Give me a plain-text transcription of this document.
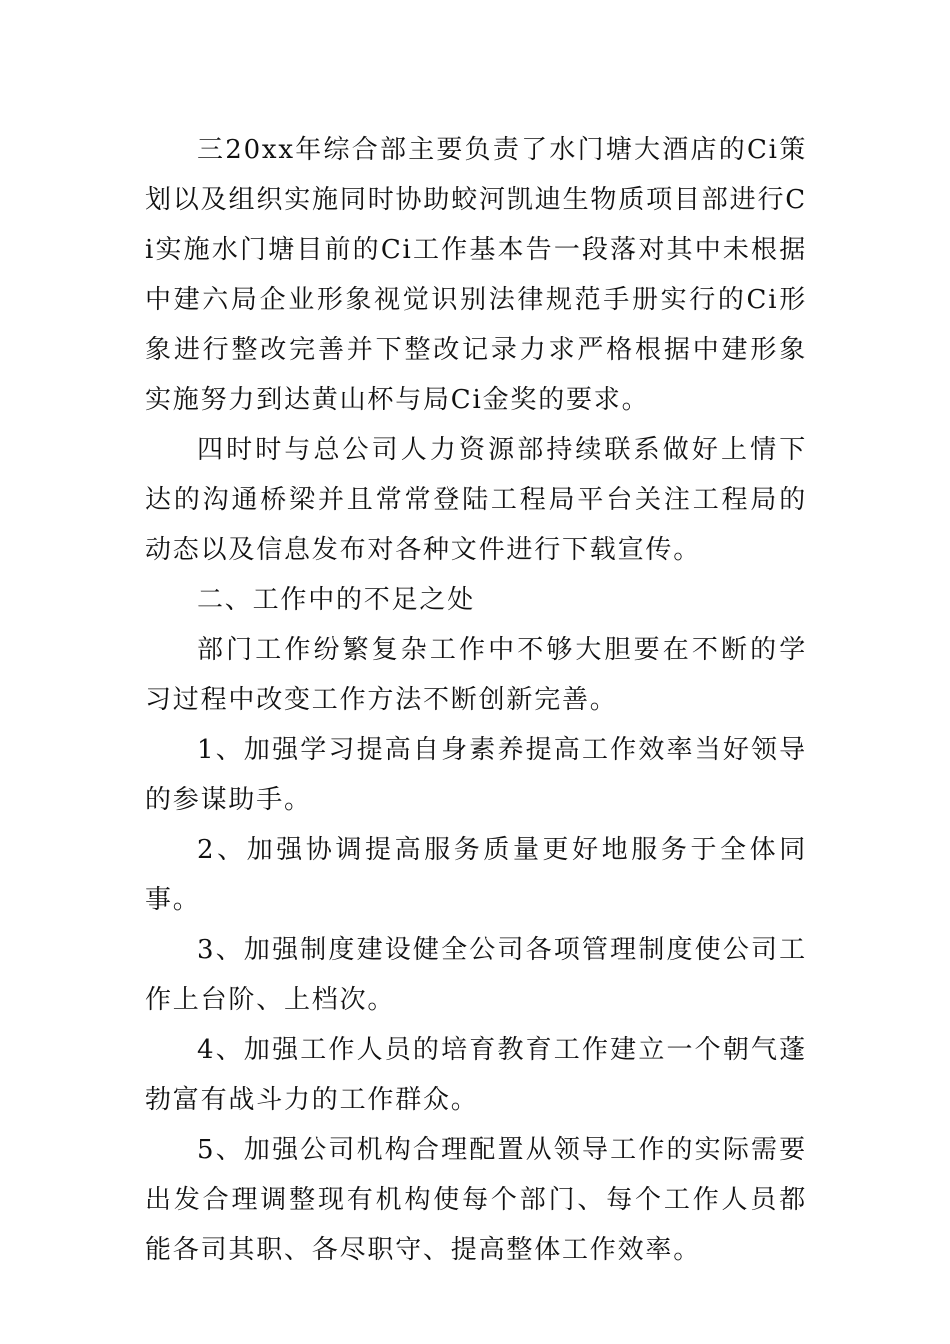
三20xx年综合部主要负责了水门塘大酒店的Ci策划以及组织实施同时协助蛟河凯迪生物质项目部进行Ci实施水门塘目前的Ci工作基本告一段落对其中未根据中建六局企业形象视觉识别法律规范手册实行的Ci形象进行整改完善并下整改记录力求严格根据中建形象实施努力到达黄山杯与局Ci金奖的要求。

四时时与总公司人力资源部持续联系做好上情下达的沟通桥梁并且常常登陆工程局平台关注工程局的动态以及信息发布对各种文件进行下载宣传。

二、工作中的不足之处

部门工作纷繁复杂工作中不够大胆要在不断的学习过程中改变工作方法不断创新完善。

1、加强学习提高自身素养提高工作效率当好领导的参谋助手。

2、加强协调提高服务质量更好地服务于全体同事。

3、加强制度建设健全公司各项管理制度使公司工作上台阶、上档次。

4、加强工作人员的培育教育工作建立一个朝气蓬勃富有战斗力的工作群众。

5、加强公司机构合理配置从领导工作的实际需要出发合理调整现有机构使每个部门、每个工作人员都能各司其职、各尽职守、提高整体工作效率。
